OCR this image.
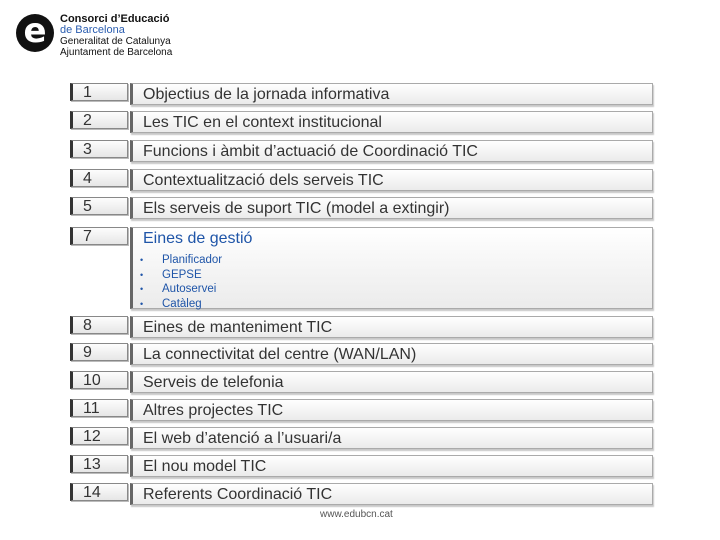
e	Consorci d’Educació
de Barcelona
Generalitat de Catalunya
Ajuntament de Barcelona
1	Objectius de la jornada informativa
2	Les TIC en el context institucional
3	Funcions i àmbit d’actuació de Coordinació TIC
4	Contextualització dels serveis TIC
5	Els serveis de suport TIC (model a extingir)
7	Eines de gestió
• Planificador
• GEPSE
• Autoservei
• Catàleg
8	Eines de manteniment TIC
9	La connectivitat del centre (WAN/LAN)
10	Serveis de telefonia
11	Altres projectes TIC
12	El web d’atenció a l’usuari/a
13	El nou model TIC
14	Referents Coordinació TIC
www.edubcn.cat
